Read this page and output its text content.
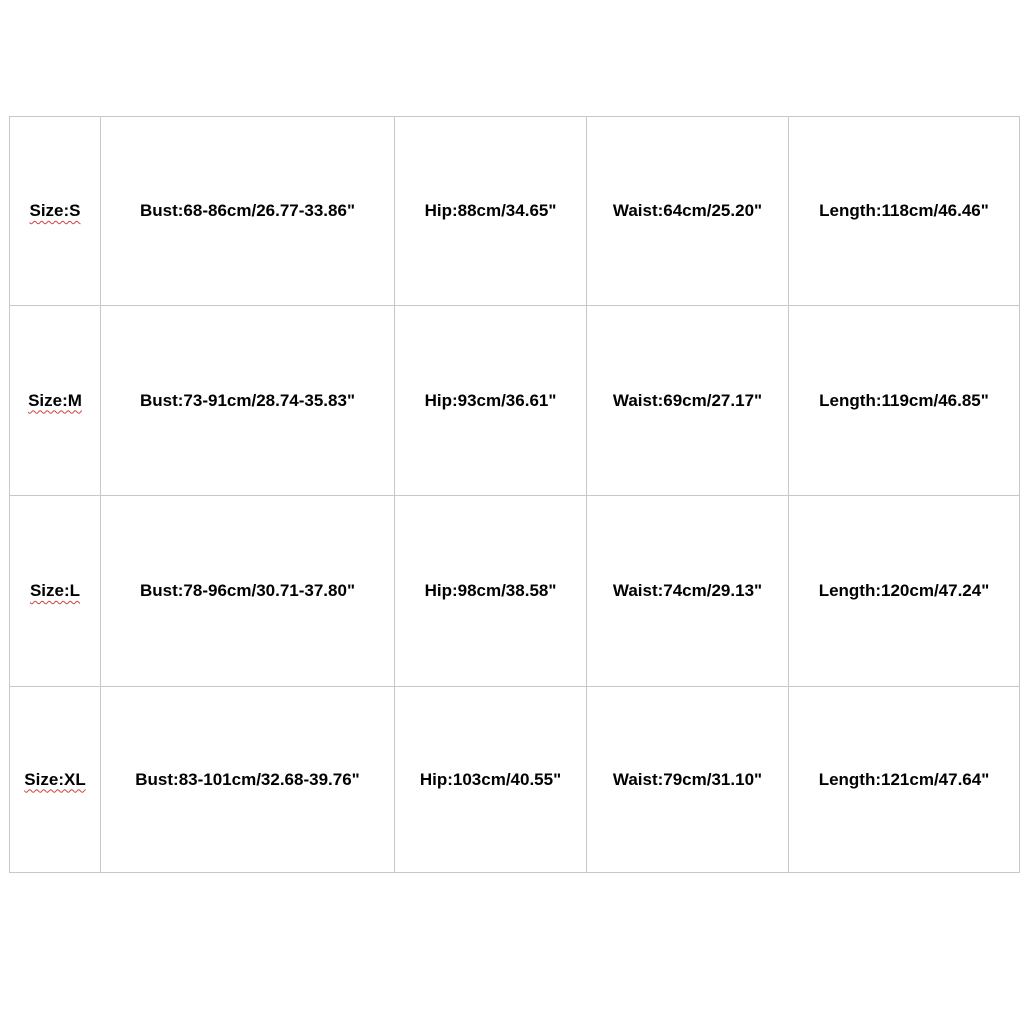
Size:S	Bust:68-86cm/26.77-33.86"	Hip:88cm/34.65"	Waist:64cm/25.20"	Length:118cm/46.46"
Size:M	Bust:73-91cm/28.74-35.83"	Hip:93cm/36.61"	Waist:69cm/27.17"	Length:119cm/46.85"
Size:L	Bust:78-96cm/30.71-37.80"	Hip:98cm/38.58"	Waist:74cm/29.13"	Length:120cm/47.24"
Size:XL	Bust:83-101cm/32.68-39.76"	Hip:103cm/40.55"	Waist:79cm/31.10"	Length:121cm/47.64"
